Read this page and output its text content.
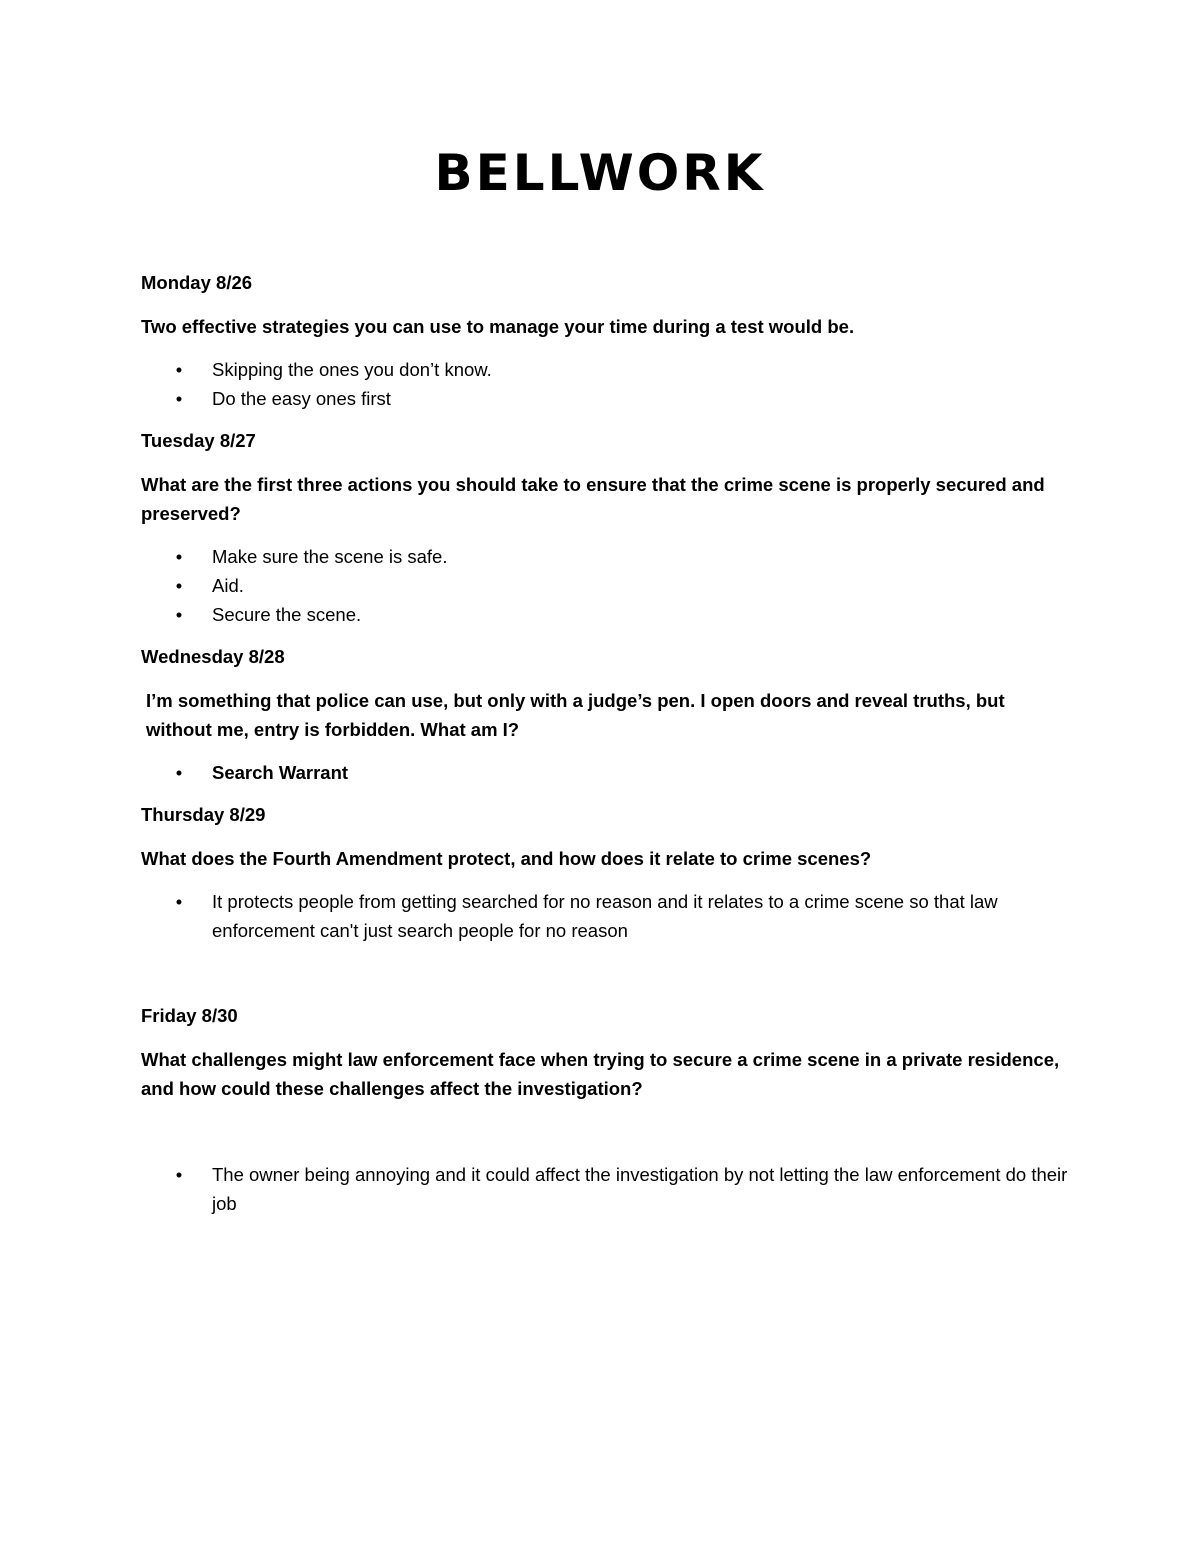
BELLWORK

Monday 8/26

Two effective strategies you can use to manage your time during a test would be.

• Skipping the ones you don’t know.
• Do the easy ones first

Tuesday 8/27

What are the first three actions you should take to ensure that the crime scene is properly secured and preserved?

• Make sure the scene is safe.
• Aid.
• Secure the scene.

Wednesday 8/28

I’m something that police can use, but only with a judge’s pen. I open doors and reveal truths, but without me, entry is forbidden. What am I?

• Search Warrant

Thursday 8/29

What does the Fourth Amendment protect, and how does it relate to crime scenes?

• It protects people from getting searched for no reason and it relates to a crime scene so that law enforcement can't just search people for no reason

Friday 8/30

What challenges might law enforcement face when trying to secure a crime scene in a private residence, and how could these challenges affect the investigation?

• The owner being annoying and it could affect the investigation by not letting the law enforcement do their job
